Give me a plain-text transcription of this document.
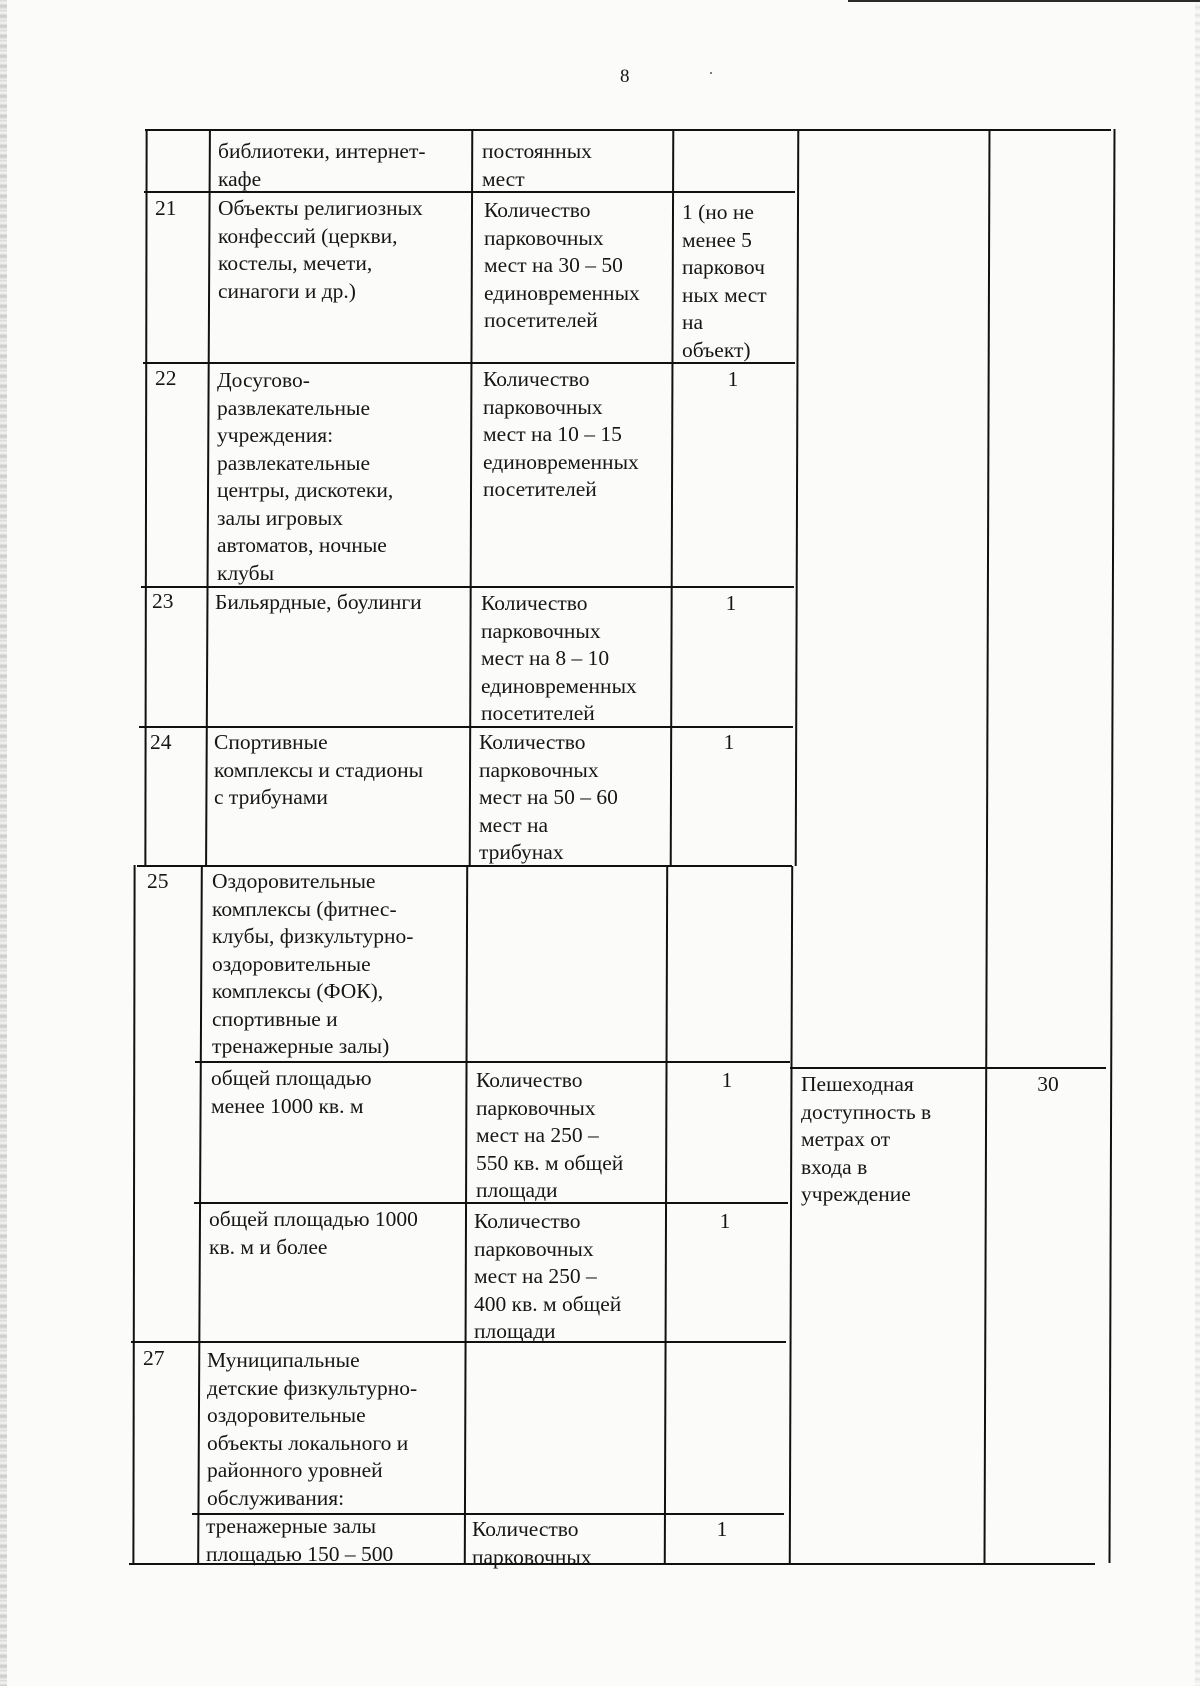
8

библиотеки, интернет-
кафе

постоянных
мест

21 Объекты религиозных
конфессий (церкви,
костелы, мечети,
синагоги и др.)

Количество
парковочных
мест на 30 – 50
единовременных
посетителей

1 (но не
менее 5
парковоч
ных мест
на
объект)

22 Досугово-
развлекательные
учреждения:
развлекательные
центры, дискотеки,
залы игровых
автоматов, ночные
клубы

Количество
парковочных
мест на 10 – 15
единовременных
посетителей

1

23 Бильярдные, боулинги	Количество
парковочных
мест на 8 – 10
единовременных
посетителей

1

24 Спортивные
комплексы и стадионы
с трибунами

Количество
парковочных
мест на 50 – 60
мест на
трибунах

1

25 Оздоровительные
комплексы (фитнес-
клубы, физкультурно-
оздоровительные
комплексы (ФОК),
спортивные и
тренажерные залы)

общей площадью
менее 1000 кв. м

Количество
парковочных
мест на 250 –
550 кв. м общей
площади

1

общей площадью 1000
кв. м и более

Количество
парковочных
мест на 250 –
400 кв. м общей
площади

1

27 Муниципальные
детские физкультурно-
оздоровительные
объекты локального и
районного уровней
обслуживания:

тренажерные залы
площадью 150 – 500

Количество
парковочных

1

Пешеходная
доступность в
метрах от
входа в
учреждение

30
